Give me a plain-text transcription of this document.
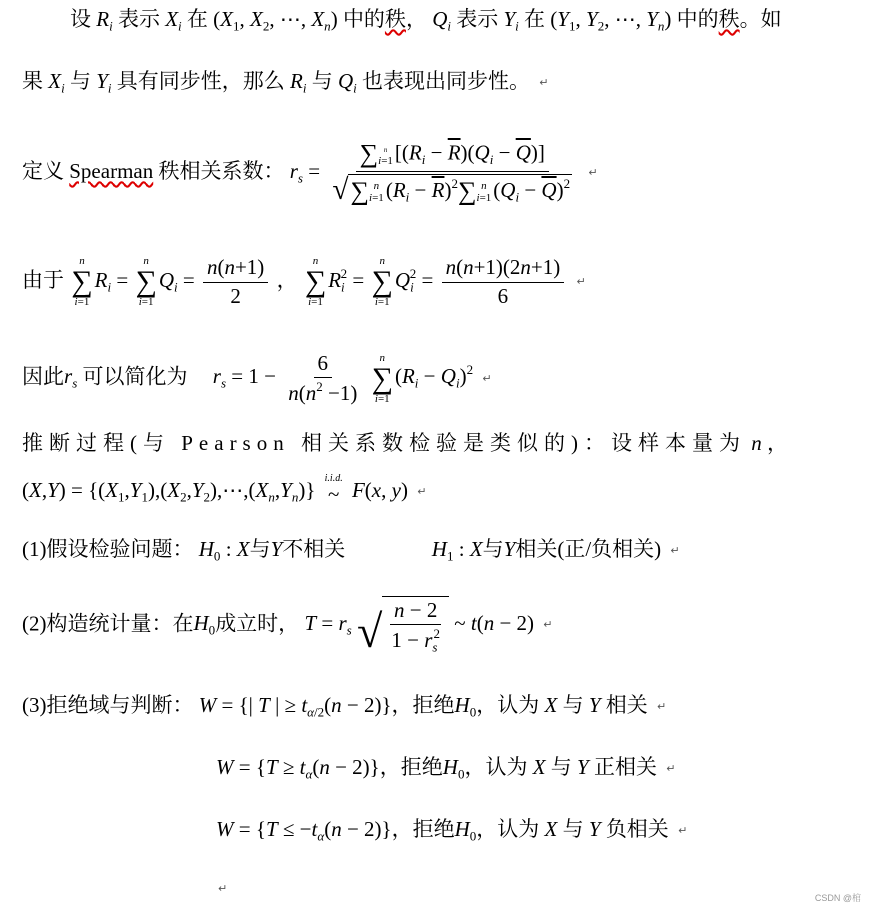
设 $R_i$ 表示 $X_i$ 在 ($X_1$, $X_2$, ⋯, $X_n$) 中的秩， $Q_i$ 表示 $Y_i$ 在 ($Y_1$, $Y_2$, ⋯, $Y_n$) 中的秩。如
果 $X_i$ 与 $Y_i$ 具有同步性，那么 $R_i$ 与 $Q_i$ 也表现出同步性。 ↵
定义 Spearman 秩相关系数： $r_s$ = ∑ n
i=1 $[(R_i - \overline{R})(Q_i - \overline{Q})]$
√ ∑ n
i=1 $(R_i - \overline{R})^2\sum$ n
i=1 $(Q_i - \overline{Q})^2$ ↵
由于
n
∑
i=1
$R_i$ =
n
∑
i=1
$Q_i = \frac{n(n+1)}{2}$ ，
n
∑
i=1
$R_i^2$ =
n
∑
i=1
$Q_i^2 = \frac{n(n+1)(2n+1)}{6}$ ↵
因此$r_s$ 可以简化为 $r_s = 1 - \frac{6}{n(n^2 -1)}$
n
∑
i=1
$(R_i - Q_i)^2$ ↵
推断过程(与 Pearson 相关系数检验是类似的)：设样本量为 n ，
$(X,Y) = \{(X_1,Y_1),(X_2,Y_2),\cdots,(X_n,Y_n)\}$ i.i.d.
~ F(x, y) ↵
(1)假设检验问题： $H_0$ : X与Y不相关	$H_1$ : X与Y相关(正/负相关) ↵
(2)构造统计量：在$H_0$成立时， $T = r_s$ √ $\frac{n - 2}{1 - r_s^2}$ ~ t(n − 2) ↵
(3)拒绝域与判断： W = {| T | ≥ $t_{\alpha/2}(n - 2)$}，拒绝$H_0$，认为 X 与 Y 相关 ↵
$W = \{T \ge t_\alpha(n - 2)\}$，拒绝$H_0$，认为 X 与 Y 正相关 ↵
$W = \{T \le -t_\alpha(n - 2)\}$，拒绝$H_0$，认为 X 与 Y 负相关 ↵
↵
CSDN @棺
